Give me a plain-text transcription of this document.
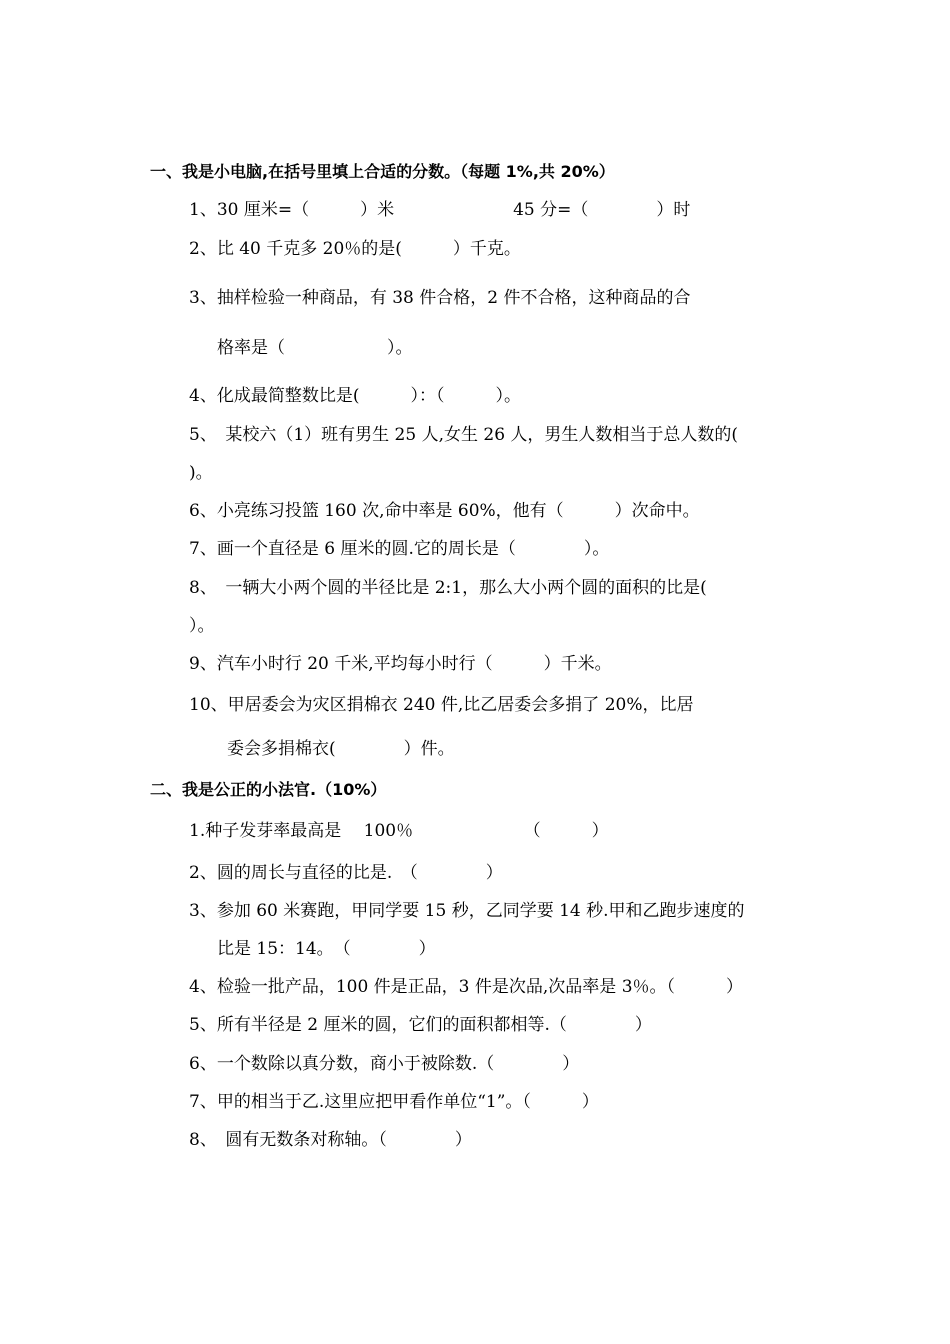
一、我是小电脑,在括号里填上合适的分数。（每题 1%,共 20%）
1、30 厘米=（　　　）米　　　　　　　45 分=（　　　　）时
2、比 40 千克多 20％的是(　　　）千克。
3、抽样检验一种商品，有 38 件合格，2 件不合格，这种商品的合
格率是（　　　　　　）。
4、化成最简整数比是(　　　）：（　　　）。
5、　某校六（1）班有男生 25 人,女生 26 人，男生人数相当于总人数的(
)。
6、小亮练习投篮 160 次,命中率是 60%，他有（　　　）次命中。
7、画一个直径是 6 厘米的圆.它的周长是（　　　　）。
8、　一辆大小两个圆的半径比是 2:1，那么大小两个圆的面积的比是(
）。
9、汽车小时行 20 千米,平均每小时行（　　　）千米。
10、甲居委会为灾区捐棉衣 240 件,比乙居委会多捐了 20%，比居
委会多捐棉衣(　　　　）件。
二、我是公正的小法官.（10%）
1.种子发芽率最高是　 100％　　　　　　　（　　　）
2、圆的周长与直径的比是.　（　　　　）
3、参加 60 米赛跑，甲同学要 15 秒，乙同学要 14 秒.甲和乙跑步速度的
比是 15：14。　（　　　　）
4、检验一批产品，100 件是正品，3 件是次品,次品率是 3％。（　　　）
5、所有半径是 2 厘米的圆，它们的面积都相等.（　　　　）
6、一个数除以真分数，商小于被除数.（　　　　）
7、甲的相当于乙.这里应把甲看作单位“1”。（　　　）
8、　圆有无数条对称轴。（　　　　）
